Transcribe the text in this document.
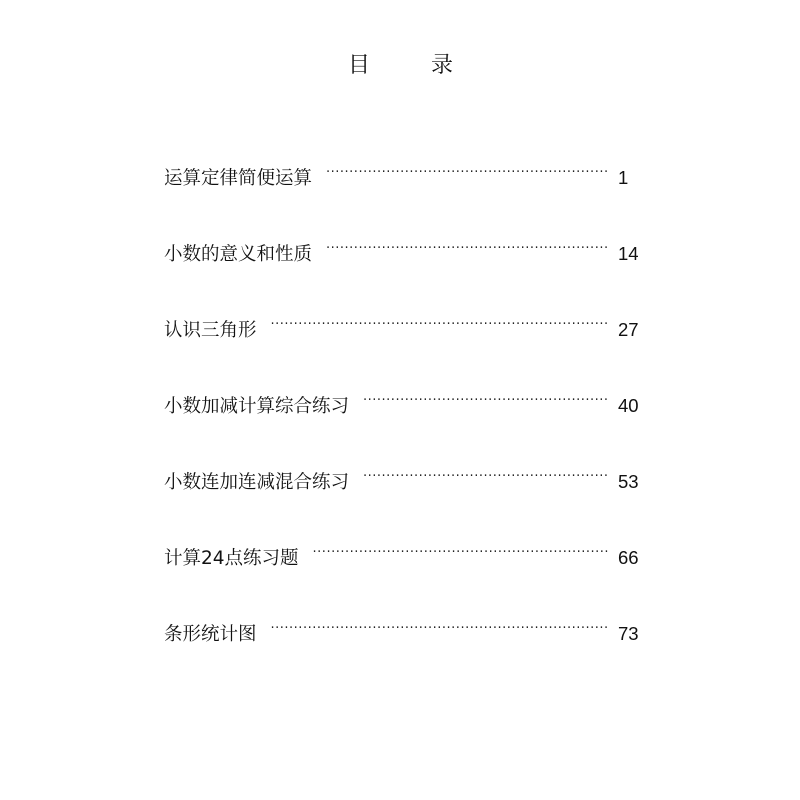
目	录
运算定律简便运算 .....	1
小数的意义和性质 .....	14
认识三角形 .....	27
小数加减计算综合练习 .....	40
小数连加连减混合练习 .....	53
计算24点练习题 .....	66
条形统计图 .....	73
